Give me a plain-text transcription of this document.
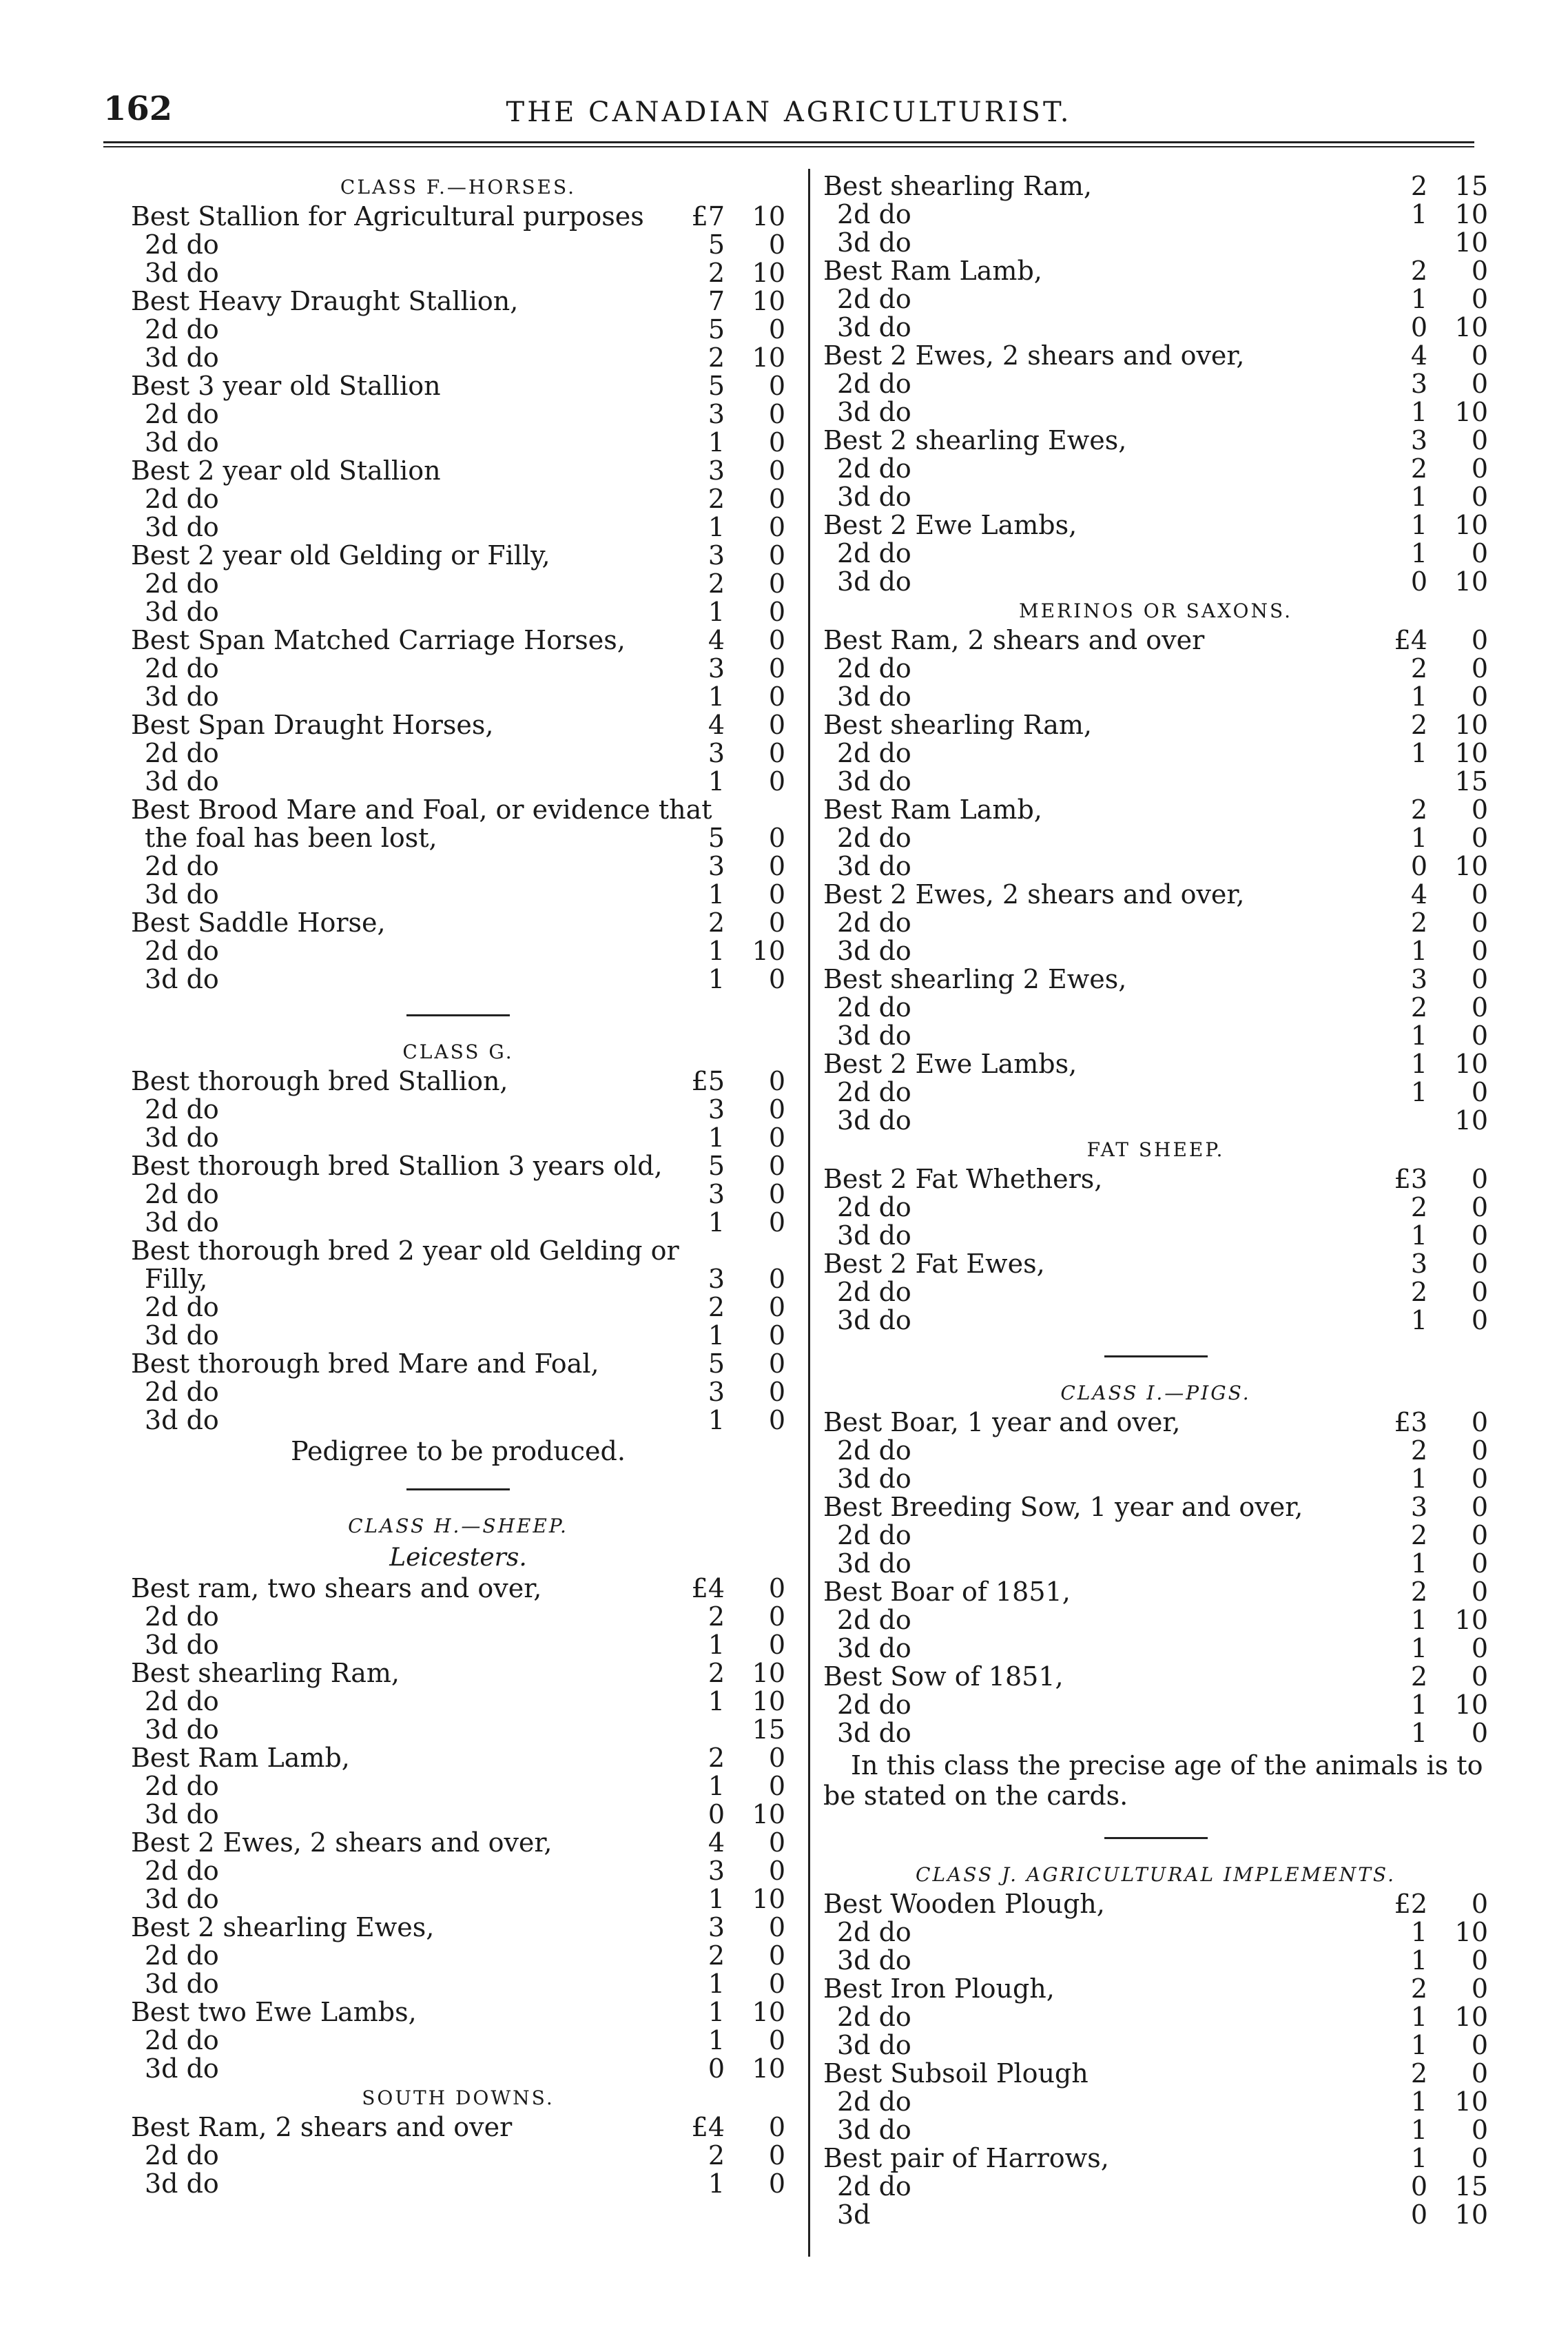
162	THE CANADIAN AGRICULTURIST.
CLASS F.—HORSES.
Best Stallion for Agricultural purposes	£7	10
2d do	5	0
3d do	2	10
Best Heavy Draught Stallion,	7	10
2d do	5	0
3d do	2	10
Best 3 year old Stallion	5	0
2d do	3	0
3d do	1	0
Best 2 year old Stallion	3	0
2d do	2	0
3d do	1	0
Best 2 year old Gelding or Filly,	3	0
2d do	2	0
3d do	1	0
Best Span Matched Carriage Horses,	4	0
2d do	3	0
3d do	1	0
Best Span Draught Horses,	4	0
2d do	3	0
3d do	1	0
Best Brood Mare and Foal, or evidence that
the foal has been lost,	5	0
2d do	3	0
3d do	1	0
Best Saddle Horse,	2	0
2d do	1	10
3d do	1	0
CLASS G.
Best thorough bred Stallion,	£5	0
2d do	3	0
3d do	1	0
Best thorough bred Stallion 3 years old,	5	0
2d do	3	0
3d do	1	0
Best thorough bred 2 year old Gelding or
Filly,	3	0
2d do	2	0
3d do	1	0
Best thorough bred Mare and Foal,	5	0
2d do	3	0
3d do	1	0
Pedigree to be produced.
CLASS H.—SHEEP.
Leicesters.
Best ram, two shears and over,	£4	0
2d do	2	0
3d do	1	0
Best shearling Ram,	2	10
2d do	1	10
3d do	15
Best Ram Lamb,	2	0
2d do	1	0
3d do	0	10
Best 2 Ewes, 2 shears and over,	4	0
2d do	3	0
3d do	1	10
Best 2 shearling Ewes,	3	0
2d do	2	0
3d do	1	0
Best two Ewe Lambs,	1	10
2d do	1	0
3d do	0	10
SOUTH DOWNS.
Best Ram, 2 shears and over	£4	0
2d do	2	0
3d do	1	0
Best shearling Ram,	2	15
2d do	1	10
3d do	10
Best Ram Lamb,	2	0
2d do	1	0
3d do	0	10
Best 2 Ewes, 2 shears and over,	4	0
2d do	3	0
3d do	1	10
Best 2 shearling Ewes,	3	0
2d do	2	0
3d do	1	0
Best 2 Ewe Lambs,	1	10
2d do	1	0
3d do	0	10
MERINOS OR SAXONS.
Best Ram, 2 shears and over	£4	0
2d do	2	0
3d do	1	0
Best shearling Ram,	2	10
2d do	1	10
3d do	15
Best Ram Lamb,	2	0
2d do	1	0
3d do	0	10
Best 2 Ewes, 2 shears and over,	4	0
2d do	2	0
3d do	1	0
Best shearling 2 Ewes,	3	0
2d do	2	0
3d do	1	0
Best 2 Ewe Lambs,	1	10
2d do	1	0
3d do	10
FAT SHEEP.
Best 2 Fat Whethers,	£3	0
2d do	2	0
3d do	1	0
Best 2 Fat Ewes,	3	0
2d do	2	0
3d do	1	0
CLASS I.—PIGS.
Best Boar, 1 year and over,	£3	0
2d do	2	0
3d do	1	0
Best Breeding Sow, 1 year and over,	3	0
2d do	2	0
3d do	1	0
Best Boar of 1851,	2	0
2d do	1	10
3d do	1	0
Best Sow of 1851,	2	0
2d do	1	10
3d do	1	0
In this class the precise age of the animals is to be stated on the cards.
CLASS J. AGRICULTURAL IMPLEMENTS.
Best Wooden Plough,	£2	0
2d do	1	10
3d do	1	0
Best Iron Plough,	2	0
2d do	1	10
3d do	1	0
Best Subsoil Plough	2	0
2d do	1	10
3d do	1	0
Best pair of Harrows,	1	0
2d do	0	15
3d	0	10
